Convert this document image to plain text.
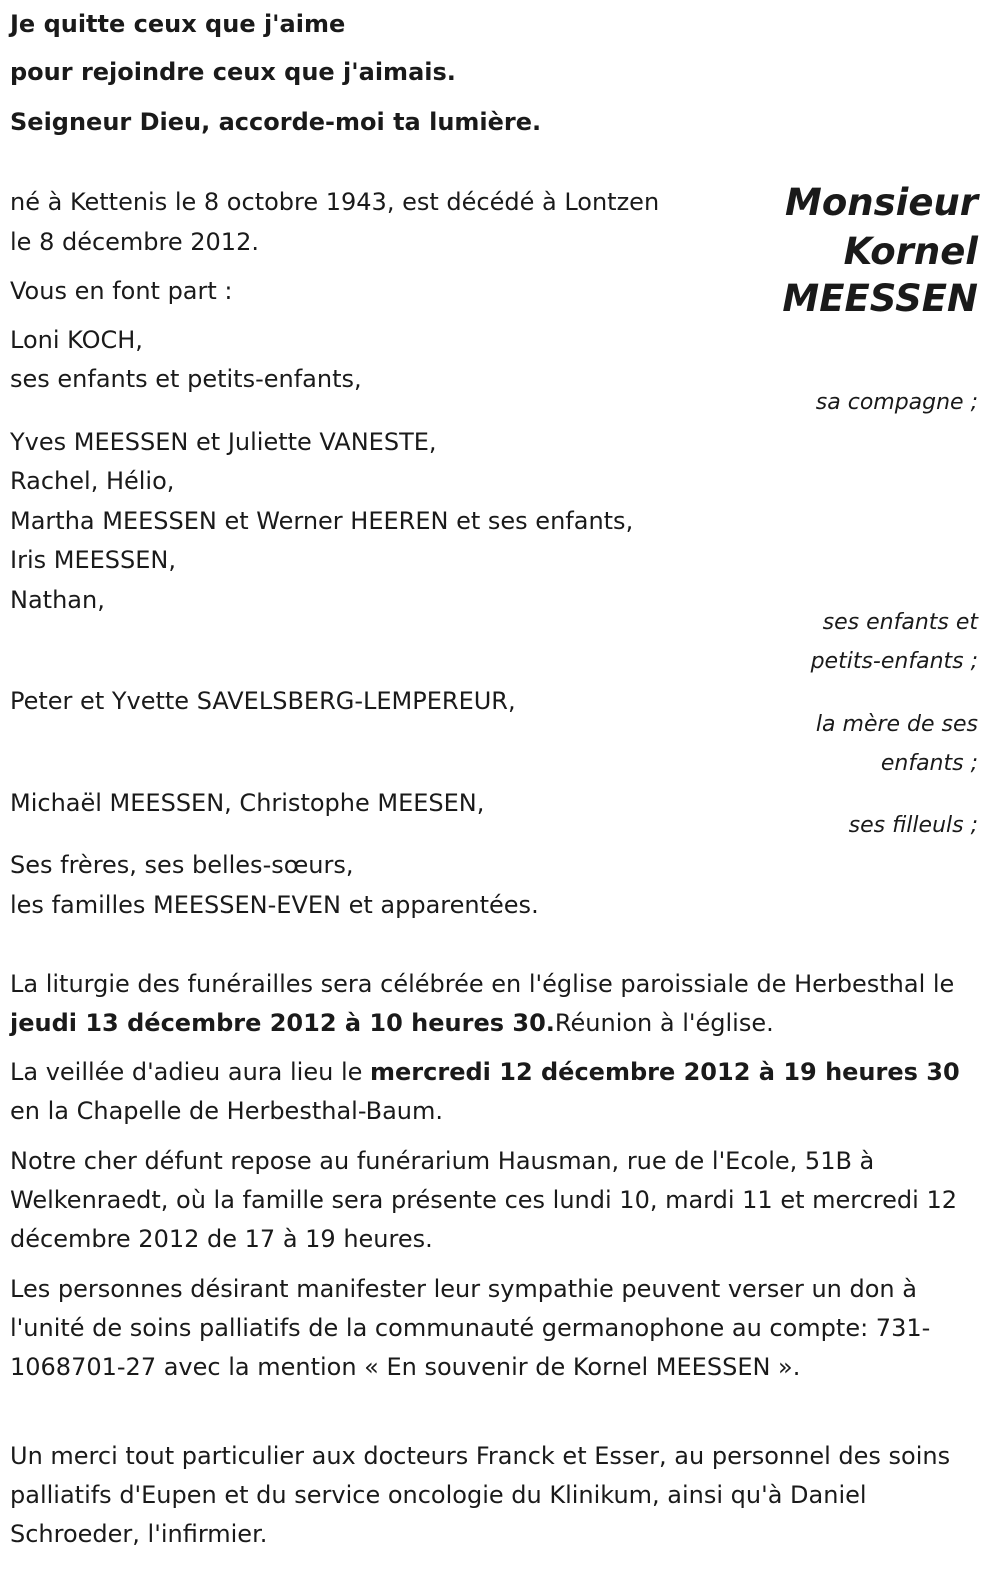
Je quitte ceux que j'aime
pour rejoindre ceux que j'aimais.
Seigneur Dieu, accorde-moi ta lumière.
Monsieur
Kornel
MEESSEN
né à Kettenis le 8 octobre 1943, est décédé à Lontzen
le 8 décembre 2012.
Vous en font part :
Loni KOCH,
ses enfants et petits-enfants,
sa compagne ;
Yves MEESSEN et Juliette VANESTE,
Rachel, Hélio,
Martha MEESSEN et Werner HEEREN et ses enfants,
Iris MEESSEN,
Nathan,
ses enfants et
petits-enfants ;
Peter et Yvette SAVELSBERG-LEMPEREUR,
la mère de ses
enfants ;
Michaël MEESSEN, Christophe MEESEN,
ses filleuls ;
Ses frères, ses belles-sœurs,
les familles MEESSEN-EVEN et apparentées.
La liturgie des funérailles sera célébrée en l'église paroissiale de Herbesthal le jeudi 13 décembre 2012 à 10 heures 30.Réunion à l'église.
La veillée d'adieu aura lieu le mercredi 12 décembre 2012 à 19 heures 30 en la Chapelle de Herbesthal-Baum.
Notre cher défunt repose au funérarium Hausman, rue de l'Ecole, 51B à Welkenraedt, où la famille sera présente ces lundi 10, mardi 11 et mercredi 12 décembre 2012 de 17 à 19 heures.
Les personnes désirant manifester leur sympathie peuvent verser un don à l'unité de soins palliatifs de la communauté germanophone au compte: 731-1068701-27 avec la mention « En souvenir de Kornel MEESSEN ».
Un merci tout particulier aux docteurs Franck et Esser, au personnel des soins palliatifs d'Eupen et du service oncologie du Klinikum, ainsi qu'à Daniel Schroeder, l'infirmier.
